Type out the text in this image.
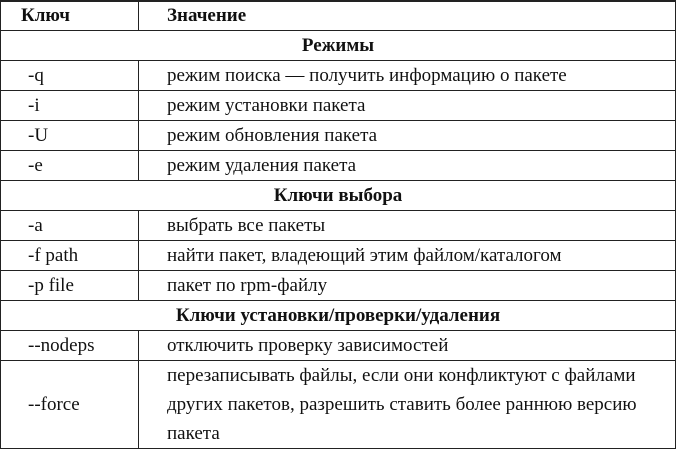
Ключ	Значение
Режимы	
-q	режим поиска — получить информацию о пакете
-i	режим установки пакета
-U	режим обновления пакета
-e	режим удаления пакета
Ключи выбора	
-a	выбрать все пакеты
-f path	найти пакет, владеющий этим файлом/каталогом
-p file	пакет по rpm-файлу
Ключи установки/проверки/удаления	
--nodeps	отключить проверку зависимостей
--force	перезаписывать файлы, если они конфликтуют с файлами других пакетов, разрешить ставить более раннюю версию пакета
